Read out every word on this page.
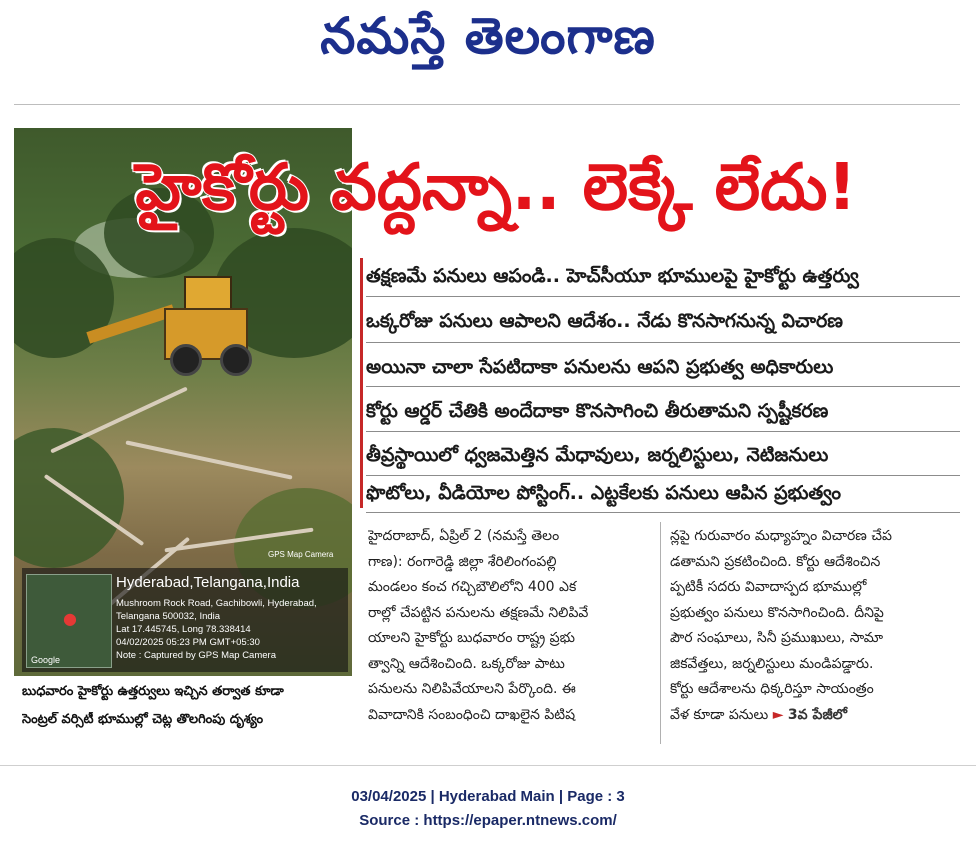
నమస్తే తెలంగాణ
GPS Map Camera
●
Google
Hyderabad,Telangana,India
Mushroom Rock Road, Gachibowli, Hyderabad,
Telangana 500032, India
Lat 17.445745, Long 78.338414
04/02/2025 05:23 PM GMT+05:30
Note : Captured by GPS Map Camera
హైకోర్టు వద్దన్నా.. లెక్కే లేదు!
తక్షణమే పనులు ఆపండి.. హెచ్‌సీయూ భూములపై హైకోర్టు ఉత్తర్వు
ఒక్కరోజు పనులు ఆపాలని ఆదేశం.. నేడు కొనసాగనున్న విచారణ
అయినా చాలా సేపటిదాకా పనులను ఆపని ప్రభుత్వ అధికారులు
కోర్టు ఆర్డర్ చేతికి అందేదాకా కొనసాగించి తీరుతామని స్పష్టీకరణ
తీవ్రస్థాయిలో ధ్వజమెత్తిన మేధావులు, జర్నలిస్టులు, నెటిజనులు
ఫొటోలు, వీడియోల పోస్టింగ్.. ఎట్టకేలకు పనులు ఆపిన ప్రభుత్వం
బుధవారం హైకోర్టు ఉత్తర్వులు ఇచ్చిన తర్వాత కూడా
సెంట్రల్ వర్సిటీ భూముల్లో చెట్ల తొలగింపు దృశ్యం
హైదరాబాద్, ఏప్రిల్ 2 (నమస్తే తెలం
గాణ): రంగారెడ్డి జిల్లా శేరిలింగంపల్లి
మండలం కంచ గచ్చిబౌలిలోని 400 ఎక
రాల్లో చేపట్టిన పనులను తక్షణమే నిలిపివే
యాలని హైకోర్టు బుధవారం రాష్ట్ర ప్రభు
త్వాన్ని ఆదేశించింది. ఒక్కరోజు పాటు
పనులను నిలిపివేయాలని పేర్కొంది. ఈ
వివాదానికి సంబంధించి దాఖలైన పిటిష
న్లపై గురువారం మధ్యాహ్నం విచారణ చేప
డతామని ప్రకటించింది. కోర్టు ఆదేశించిన
ప్పటికీ సదరు వివాదాస్పద భూముల్లో
ప్రభుత్వం పనులు కొనసాగించింది. దీనిపై
పౌర సంఘాలు, సినీ ప్రముఖులు, సామా
జికవేత్తలు, జర్నలిస్టులు మండిపడ్డారు.
కోర్టు ఆదేశాలను ధిక్కరిస్తూ సాయంత్రం
వేళ కూడా పనులు ► 3వ పేజీలో
03/04/2025 | Hyderabad Main | Page : 3
Source : https://epaper.ntnews.com/
